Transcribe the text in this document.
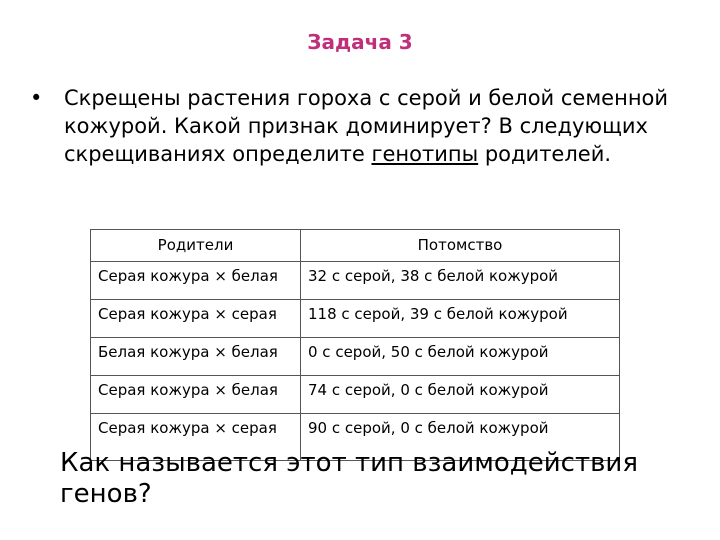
Задача 3
•	Скрещены растения гороха с серой и белой семенной кожурой. Какой признак доминирует? В следующих скрещиваниях определите генотипы родителей.
Родители	Потомство
Серая кожура × белая	32 с серой, 38 с белой кожурой
Серая кожура × серая	118 с серой, 39 с белой кожурой
Белая кожура × белая	0 с серой, 50 с белой кожурой
Серая кожура × белая	74 с серой, 0 с белой кожурой
Серая кожура × серая	90 с серой, 0 с белой кожурой
Как называется этот тип взаимодействия генов?
